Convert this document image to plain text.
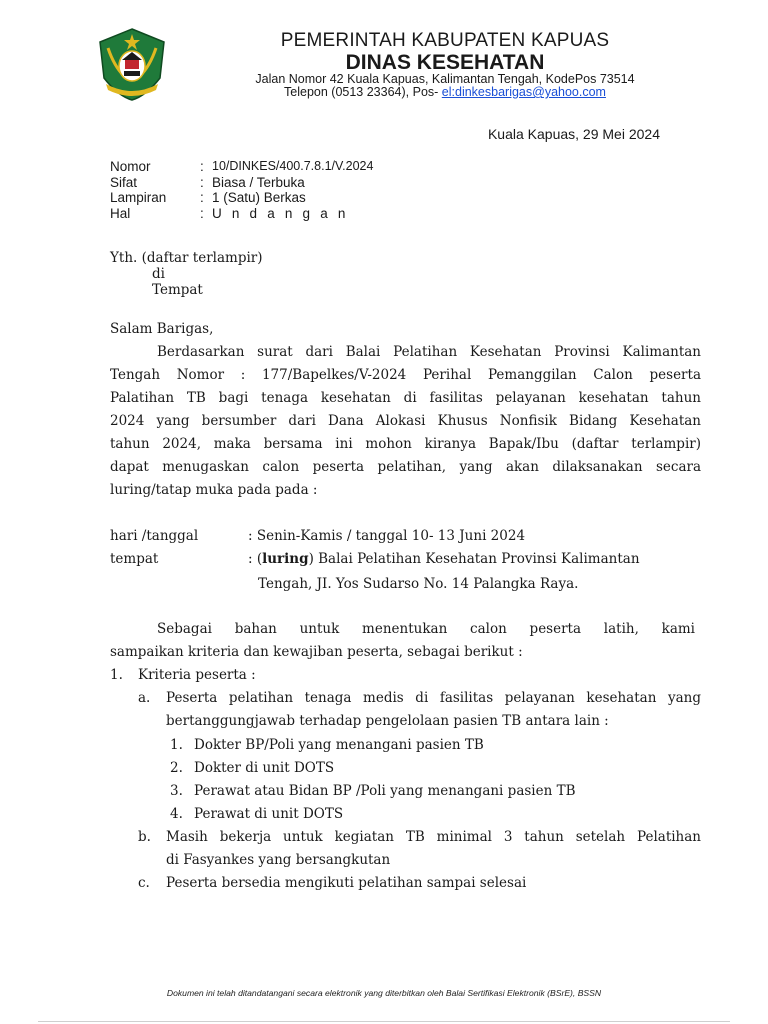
PEMERINTAH KABUPATEN KAPUAS
DINAS KESEHATAN
Jalan Nomor 42 Kuala Kapuas, Kalimantan Tengah, KodePos 73514
Telepon (0513 23364), Pos- el:dinkesbarigas@yahoo.com
Kuala Kapuas, 29 Mei 2024
Nomor	: 10/DINKES/400.7.8.1/V.2024
Sifat	: Biasa / Terbuka
Lampiran	: 1 (Satu) Berkas
Hal	: U n d a n g a n
Yth. (daftar terlampir)
di
Tempat
Salam Barigas,
Berdasarkan surat dari Balai Pelatihan Kesehatan Provinsi Kalimantan
Tengah Nomor : 177/Bapelkes/V-2024 Perihal Pemanggilan Calon peserta
Palatihan TB bagi tenaga kesehatan di fasilitas pelayanan kesehatan tahun
2024 yang bersumber dari Dana Alokasi Khusus Nonfisik Bidang Kesehatan
tahun 2024, maka bersama ini mohon kiranya Bapak/Ibu (daftar terlampir)
dapat menugaskan calon peserta pelatihan, yang akan dilaksanakan secara
luring/tatap muka pada pada :
hari /tanggal	: Senin-Kamis / tanggal 10- 13 Juni 2024
tempat	: (luring) Balai Pelatihan Kesehatan Provinsi Kalimantan
Tengah, JI. Yos Sudarso No. 14 Palangka Raya.
Sebagai bahan untuk menentukan calon peserta latih, kami
sampaikan kriteria dan kewajiban peserta, sebagai berikut :
1. Kriteria peserta :
a. Peserta pelatihan tenaga medis di fasilitas pelayanan kesehatan yang
bertanggungjawab terhadap pengelolaan pasien TB antara lain :
1. Dokter BP/Poli yang menangani pasien TB
2. Dokter di unit DOTS
3. Perawat atau Bidan BP /Poli yang menangani pasien TB
4. Perawat di unit DOTS
b. Masih bekerja untuk kegiatan TB minimal 3 tahun setelah Pelatihan
di Fasyankes yang bersangkutan
c. Peserta bersedia mengikuti pelatihan sampai selesai
Dokumen ini telah ditandatangani secara elektronik yang diterbitkan oleh Balai Sertifikasi Elektronik (BSrE), BSSN
